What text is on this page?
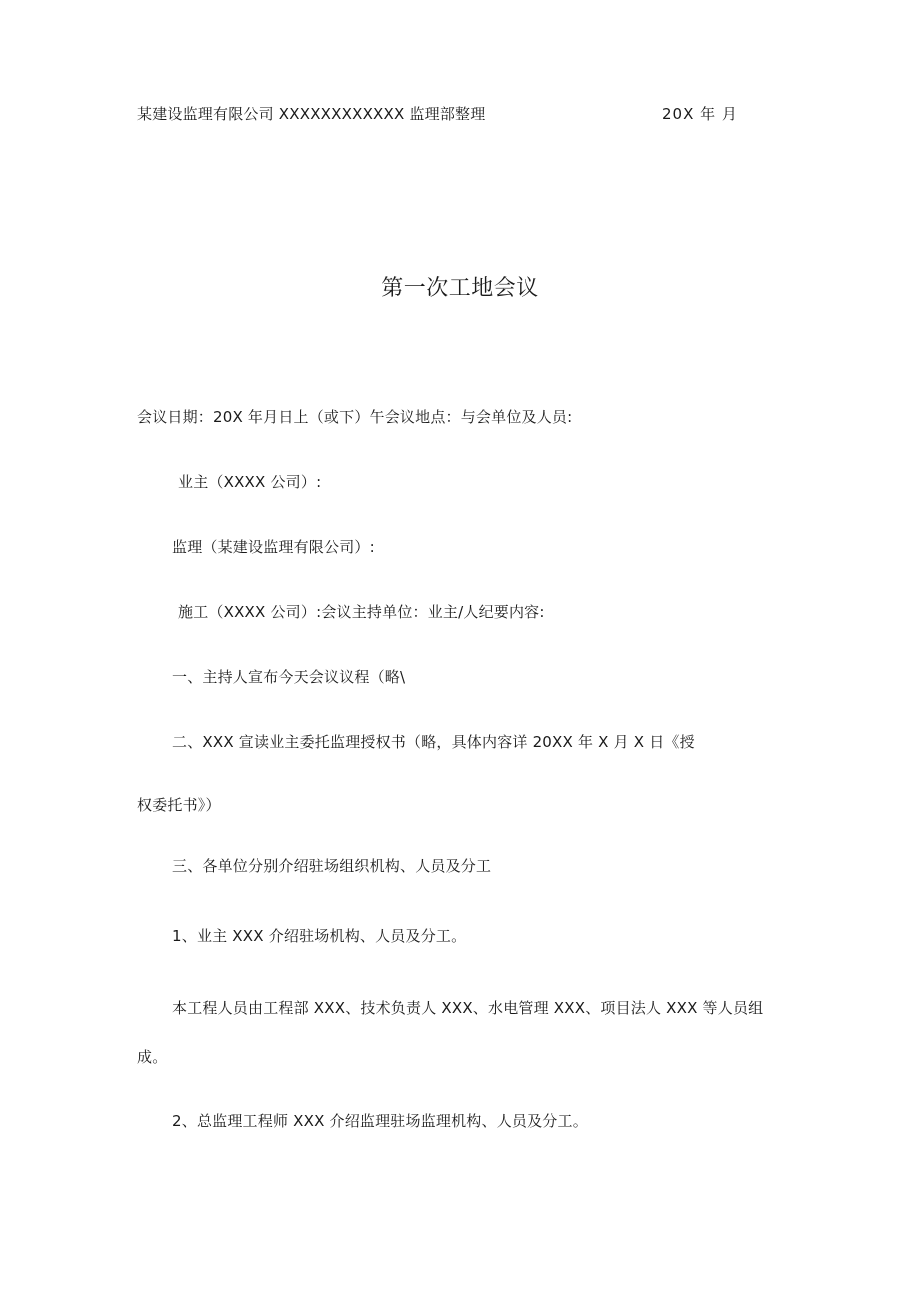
某建设监理有限公司 XXXXXXXXXXXX 监理部整理	20X 年 月
第一次工地会议
会议日期：20X 年月日上（或下）午会议地点：与会单位及人员:
业主（XXXX 公司）:
监理（某建设监理有限公司）:
施工（XXXX 公司）:会议主持单位：业主/人纪要内容:
一、主持人宣布今天会议议程（略\
二、XXX 宣读业主委托监理授权书（略，具体内容详 20XX 年 X 月 X 日《授
权委托书》）
三、各单位分别介绍驻场组织机构、人员及分工
1、业主 XXX 介绍驻场机构、人员及分工。
本工程人员由工程部 XXX、技术负责人 XXX、水电管理 XXX、项目法人 XXX 等人员组
成。
2、总监理工程师 XXX 介绍监理驻场监理机构、人员及分工。
